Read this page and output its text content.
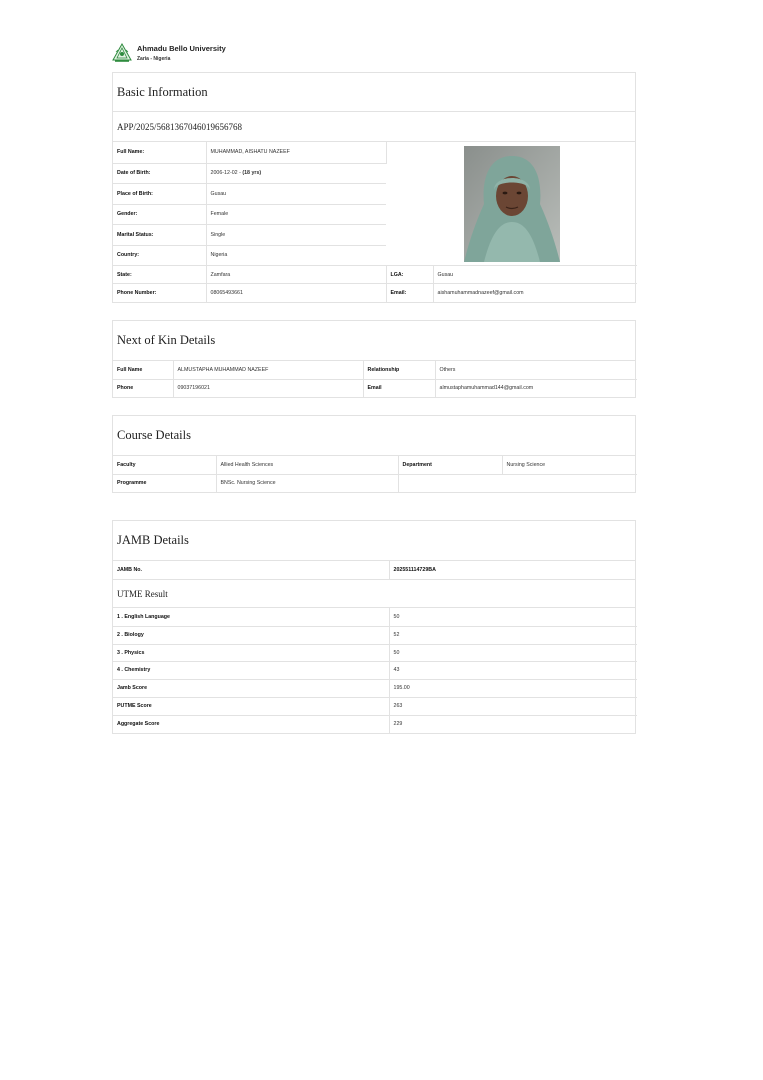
Ahmadu Bello University
Zaria - Nigeria
Basic Information
APP/2025/56813670460196567​68
Full Name:	MUHAMMAD, AISHATU NAZEEF	

Date of Birth:	2006-12-02 - (18 yrs)		
Place of Birth:	Gusau		
Gender:	Female		
Marital Status:	Single		
Country:	Nigeria		
State:	Zamfara	LGA:	Gusau
Phone Number:	08065493661	Email:	aishamuhammadnazeef@gmail.com
Next of Kin Details
Full Name	ALMUSTAPHA MUHAMMAD NAZEEF	Relationship	Others
Phone	09037196021	Email	almustaphamuhammad144@gmail.com
Course Details
Faculty	Allied Health Sciences	Department	Nursing Science
Programme	BNSc. Nursing Science		
JAMB Details
JAMB No.	202551114729BA
UTME Result
1 . English Language	50
2 . Biology	52
3 . Physics	50
4 . Chemistry	43
Jamb Score	195.00
PUTME Score	263
Aggregate Score	229
